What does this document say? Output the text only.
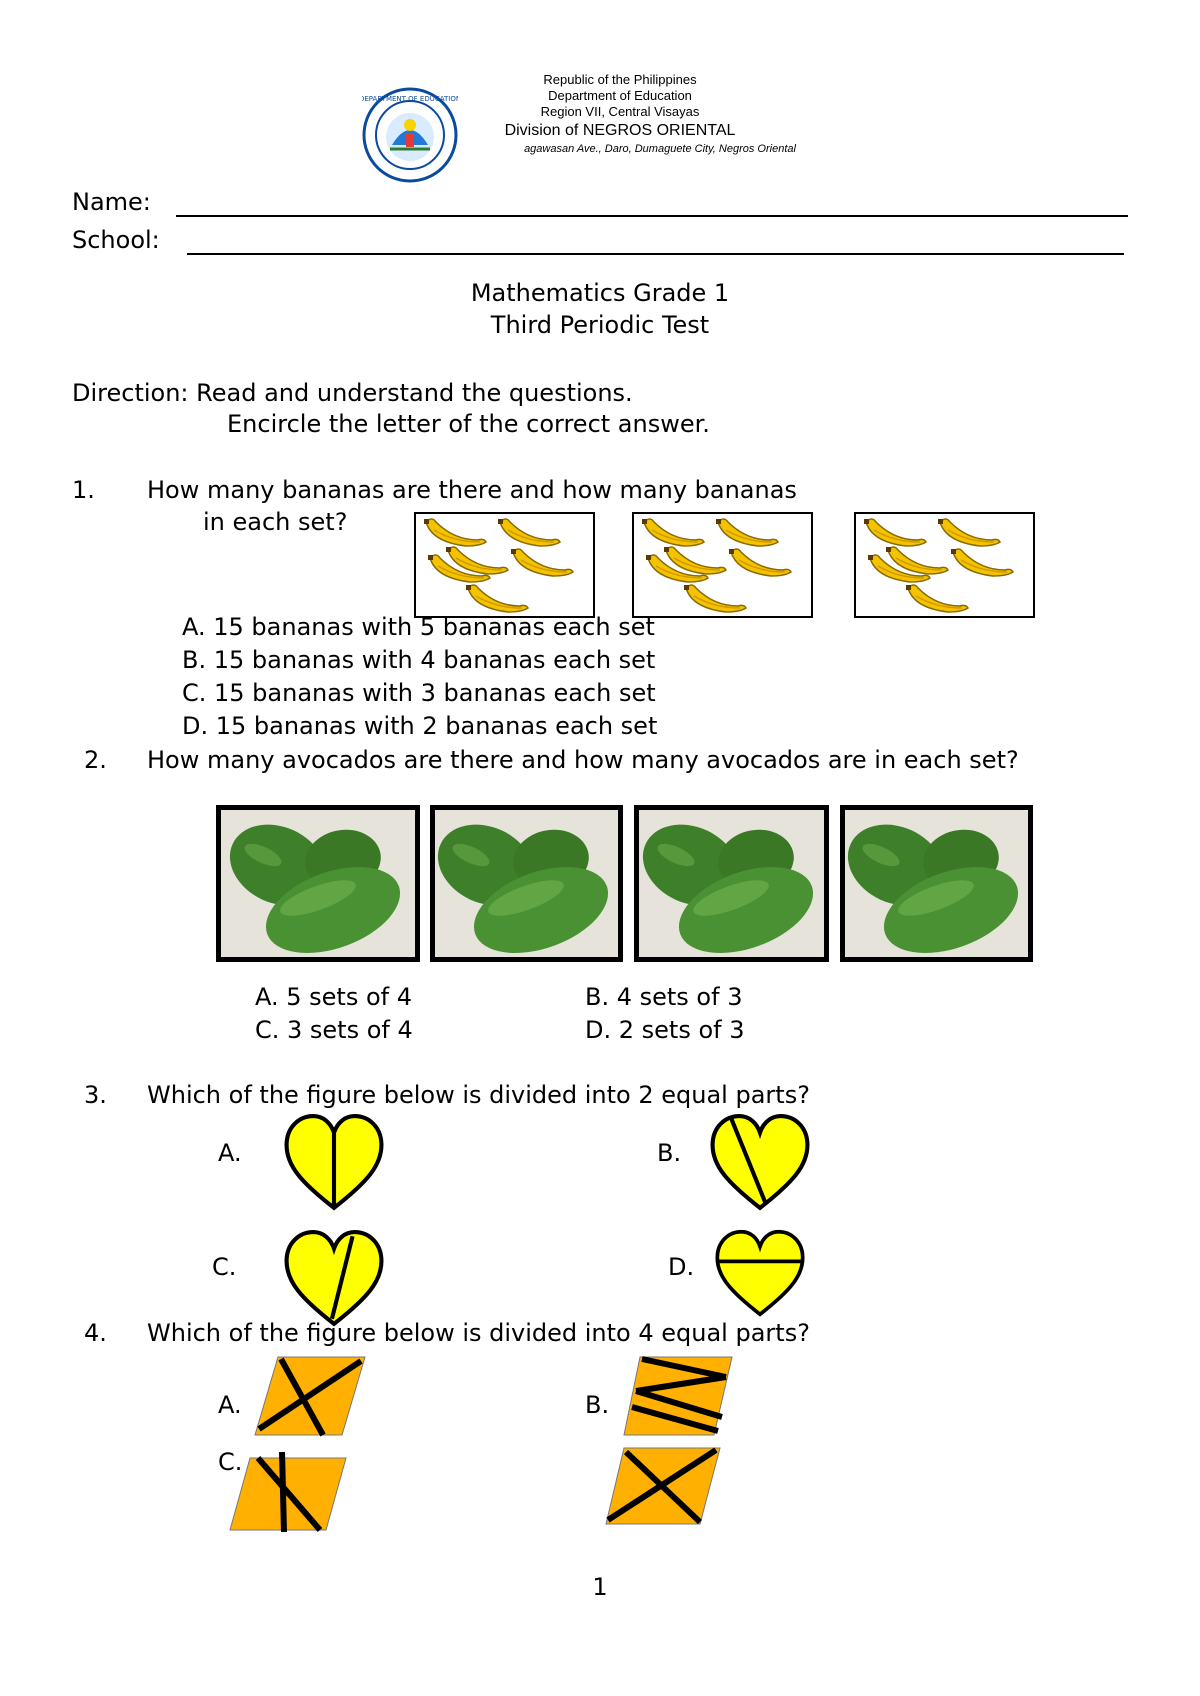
DEPARTMENT OF EDUCATION
Republic of the Philippines
Department of Education
Region VII, Central Visayas
Division of NEGROS ORIENTAL
agawasan Ave., Daro, Dumaguete City, Negros Oriental
Name:
School:
Mathematics Grade 1
Third Periodic Test
Direction: Read and understand the questions.
Encircle the letter of the correct answer.
1. How many bananas are there and how many bananas
in each set?
A. 15 bananas with 5 bananas each set
B. 15 bananas with 4 bananas each set
C. 15 bananas with 3 bananas each set
D. 15 bananas with 2 bananas each set
2. How many avocados are there and how many avocados are in each set?
A. 5 sets of 4	B. 4 sets of 3
C. 3 sets of 4	D. 2 sets of 3
3. Which of the figure below is divided into 2 equal parts?
A.	B.
C.	D.
4. Which of the figure below is divided into 4 equal parts?
A.	B.
C.
1
